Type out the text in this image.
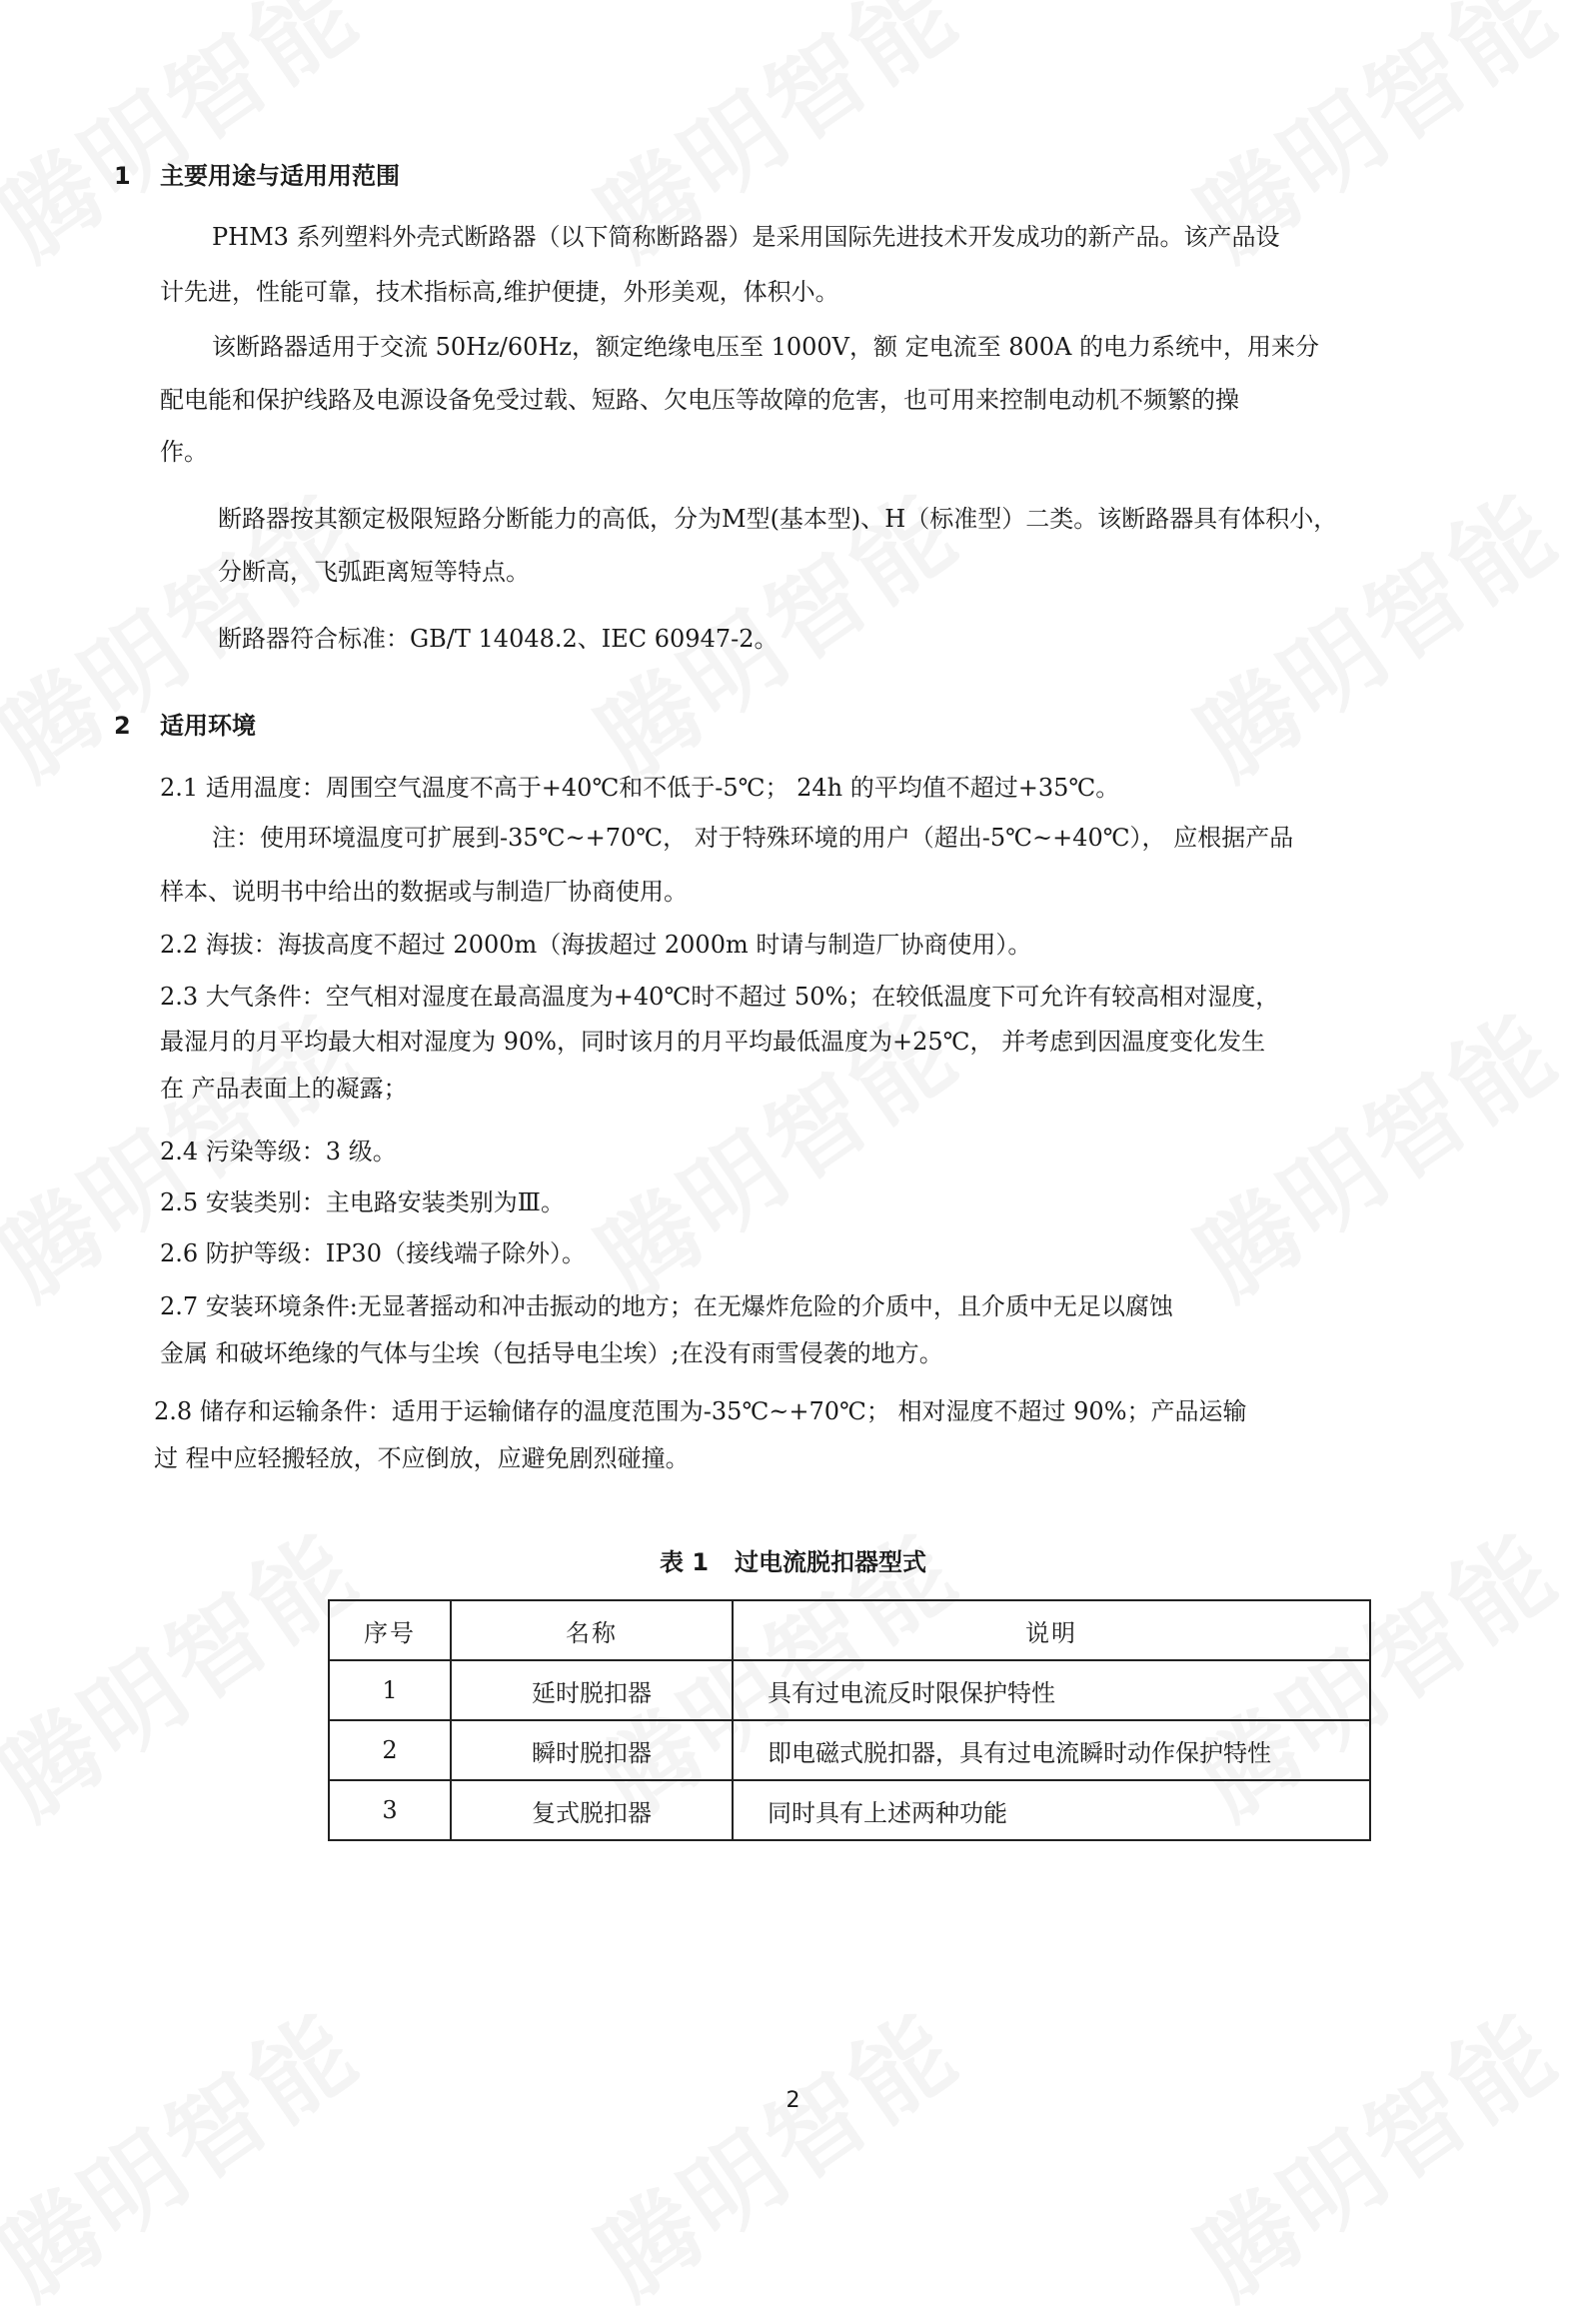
1 主要用途与适用用范围
PHM3 系列塑料外壳式断路器（以下简称断路器）是采用国际先进技术开发成功的新产品。该产品设
计先进，性能可靠，技术指标高,维护便捷，外形美观，体积小。
该断路器适用于交流 50Hz/60Hz，额定绝缘电压至 1000V，额 定电流至 800A 的电力系统中，用来分
配电能和保护线路及电源设备免受过载、短路、欠电压等故障的危害，也可用来控制电动机不频繁的操
作。
断路器按其额定极限短路分断能力的高低，分为M型(基本型)、H（标准型）二类。该断路器具有体积小，
分断高，飞弧距离短等特点。
断路器符合标准：GB/T 14048.2、IEC 60947-2。
2 适用环境
2.1 适用温度：周围空气温度不高于+40℃和不低于-5℃； 24h 的平均值不超过+35℃。
注：使用环境温度可扩展到-35℃~+70℃， 对于特殊环境的用户（超出-5℃~+40℃）， 应根据产品
样本、说明书中给出的数据或与制造厂协商使用。
2.2 海拔：海拔高度不超过 2000m（海拔超过 2000m 时请与制造厂协商使用）。
2.3 大气条件：空气相对湿度在最高温度为+40℃时不超过 50%；在较低温度下可允许有较高相对湿度，
最湿月的月平均最大相对湿度为 90%，同时该月的月平均最低温度为+25℃， 并考虑到因温度变化发生
在 产品表面上的凝露；
2.4 污染等级：3 级。
2.5 安装类别：主电路安装类别为Ⅲ。
2.6 防护等级：IP30（接线端子除外）。
2.7 安装环境条件:无显著摇动和冲击振动的地方；在无爆炸危险的介质中，且介质中无足以腐蚀
金属 和破坏绝缘的气体与尘埃（包括导电尘埃）;在没有雨雪侵袭的地方。
2.8 储存和运输条件：适用于运输储存的温度范围为-35℃~+70℃； 相对湿度不超过 90%；产品运输
过 程中应轻搬轻放，不应倒放，应避免剧烈碰撞。
表 1 过电流脱扣器型式
序号	名称	说明
1	延时脱扣器	具有过电流反时限保护特性
2	瞬时脱扣器	即电磁式脱扣器，具有过电流瞬时动作保护特性
3	复式脱扣器	同时具有上述两种功能
2
